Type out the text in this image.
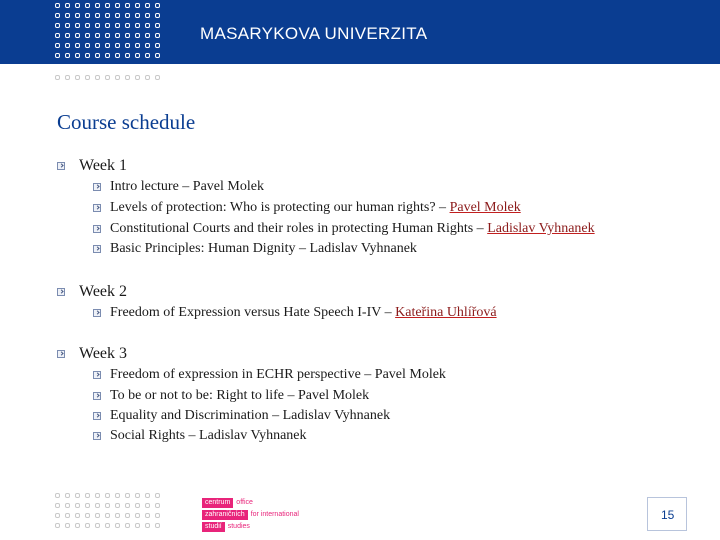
MASARYKOVA UNIVERZITA
Course schedule
Week 1
Intro lecture – Pavel Molek
Levels of protection: Who is protecting our human rights? – Pavel Molek
Constitutional Courts and their roles in protecting Human Rights – Ladislav Vyhnanek
Basic Principles: Human Dignity – Ladislav Vyhnanek
Week 2
Freedom of Expression versus Hate Speech I-IV – Kateřina Uhlířová
Week 3
Freedom of expression in ECHR perspective – Pavel Molek
To be or not to be: Right to life – Pavel Molek
Equality and Discrimination – Ladislav Vyhnanek
Social Rights – Ladislav Vyhnanek
centrum office
zahraničních for international
studií studies
15
